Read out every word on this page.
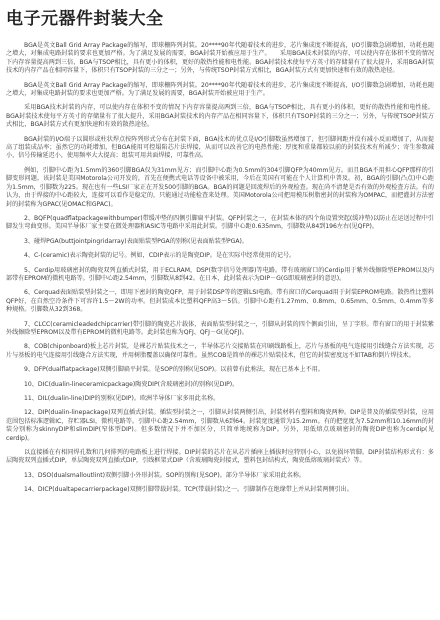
电子元器件封装大全

BGA是英文Ball Grid Array Package的缩写，即球栅阵列封装。20****90年代随着技术的进步，芯片集成度不断提高，I/O引脚数急剧增加，功耗也随之增大，对集成电路封装的要求也更加严格。为了满足发展的需要，BGA封装开始被应用于生产。　　采用BGA技术封装的内存，可以使内存在体积不变的情况下内存容量提高两到三倍，BGA与TSOP相比，具有更小的体积，更好的散热性能和电性能。BGA封装技术使每平方英寸的存储量有了很大提升，采用BGA封装技术的内存产品在相同容量下，体积只有TSOP封装的三分之一；另外，与传统TSOP封装方式相比，BGA封装方式有更加快速和有效的散热途径。

BGA是英文Ball Grid Array Package的缩写，即球栅阵列封装。20****90年代随着技术的进步，芯片集成度不断提高，I/O引脚数急剧增加，功耗也随之增大，对集成电路封装的要求也更加严格。为了满足发展的需要，BGA封装开始被应用于生产。

采用BGA技术封装的内存，可以使内存在体积不变的情况下内存容量提高两到三倍，BGA与TSOP相比，具有更小的体积，更好的散热性能和电性能。BGA封装技术使每平方英寸的存储量有了很大提升，采用BGA封装技术的内存产品在相同容量下，体积只有TSOP封装的三分之一；另外，与传统TSOP封装方式相比，BGA封装方式有更加快速和有效的散热途径。

BGA封装的I/O端子以圆形或柱状焊点按阵列形式分布在封装下面，BGA技术的优点是I/O引脚数虽然增加了，但引脚间距并没有减小反而增加了，从而提高了组装成品率；虽然它的功耗增加，但BGA能用可控塌陷芯片法焊接，从而可以改善它的电热性能；厚度和重量都较以前的封装技术有所减少；寄生参数减小，信号传输延迟小，使用频率大大提高；组装可用共面焊接，可靠性高。

例如，引脚中心距为1.5mm的360引脚BGA仅为31mm见方；而引脚中心距为0.5mm的304引脚QFP为40mm见方。而且BGA不用担心QFP那样的引脚变形问题。该封装是美国Motorola公司开发的，首先在便携式电话等设备中被采用，今后在美国有可能在个人计算机中普及。初，BGA的引脚(凸点)中心距为1.5mm，引脚数为225。现在也有一些LSI厂家正在开发500引脚的BGA。BGA的问题是回流焊后的外观检查。现在尚不清楚是否有效的外观检查方法。有的认为，由于焊接的中心距较大，连接可以看作是稳定的，只能通过功能检查来处理。美国Motorola公司把用模压树脂密封的封装称为OMPAC，而把灌封方法密封的封装称为GPAC(见OMAC和GPAC)。

2、BQFP(quadflatpackagewithbumper)带缓冲垫的四侧引脚扁平封装。QFP封装之一，在封装本体的四个角设置突起(缓冲垫)以防止在运送过程中引脚发生弯曲变形。美国半导体厂家主要在微处理器和ASIC等电路中采用此封装。引脚中心距0.635mm，引脚数从84到196左右(见QFP)。

3、碰焊PGA(buttjointpingridarray)表面贴装型PGA的别称(见表面贴装型PGA)。

4、C-(ceramic)表示陶瓷封装的记号。例如，CDIP表示的是陶瓷DIP。是在实际中经常使用的记号。

5、Cerdip用玻璃密封的陶瓷双列直插式封装，用于ECLRAM，DSP(数字信号处理器)等电路。带有玻璃窗口的Cerdip用于紫外线擦除型EPROM以及内部带有EPROM的微机电路等。引脚中心距2.54mm，引脚数从8到42。在日本，此封装表示为DIP－G(G即玻璃密封的意思)。

6、Cerquad表面贴装型封装之一，即用下密封的陶瓷QFP，用于封装DSP等的逻辑LSI电路。带有窗口的Cerquad用于封装EPROM电路。散热性比塑料QFP好，在自然空冷条件下可容许1.5～2W的功率。但封装成本比塑料QFP高3～5倍。引脚中心距有1.27mm、0.8mm、0.65mm、0.5mm、0.4mm等多种规格。引脚数从32到368。

7、CLCC(ceramicleadedchipcarrier)带引脚的陶瓷芯片载体，表面贴装型封装之一，引脚从封装的四个侧面引出，呈丁字形。带有窗口的用于封装紫外线擦除型EPROM以及带有EPROM的微机电路等。此封装也称为QFJ、QFJ－G(见QFJ)。

8、COB(chiponboard)板上芯片封装，是裸芯片贴装技术之一，半导体芯片交接贴装在印刷线路板上，芯片与基板的电气连接用引线缝合方法实现，芯片与基板的电气连接用引线缝合方法实现，并用树脂覆盖以确保可靠性。虽然COB是简单的裸芯片贴装技术，但它的封装密度远不如TAB和倒片焊技术。

9、DFP(dualflatpackage)双侧引脚扁平封装。是SOP的别称(见SOP)。以前曾有此称法，现在已基本上不用。

10、DIC(dualin-lineceramicpackage)陶瓷DIP(含玻璃密封)的别称(见DIP)。

11、DIL(dualin-line)DIP的别称(见DIP)。欧洲半导体厂家多用此名称。

12、DIP(dualin-linepackage)双列直插式封装。插装型封装之一，引脚从封装两侧引出，封装材料有塑料和陶瓷两种。DIP是普及的插装型封装，应用范围包括标准逻辑IC，存贮器LSI，微机电路等。引脚中心距2.54mm，引脚数从6到64。封装宽度通常为15.2mm。有的把宽度为7.52mm和10.16mm的封装分别称为skinnyDIP和slimDIP(窄体型DIP)。但多数情况下并不加区分，只简单地统称为DIP。另外，用低熔点玻璃密封的陶瓷DIP也称为cerdip(见cerdip)。

以直接插在有相同焊孔数和几何排列的电路板上进行焊接。DIP封装的芯片在从芯片插座上插拔时应特别小心，以免损坏管脚。DIP封装结构形式有：多层陶瓷双列直插式DIP，单层陶瓷双列直插式DIP，引线框架式DIP（含玻璃陶瓷封接式，塑料包封结构式，陶瓷低熔玻璃封装式）等。

13、DSO(dualsmalloutlint)双侧引脚小外形封装。SOP的别称(见SOP)。部分半导体厂家采用此名称。

14、DICP(dualtapecarrierpackage)双侧引脚带载封装。TCP(带载封装)之一。引脚制作在绝缘带上并从封装两侧引出。
